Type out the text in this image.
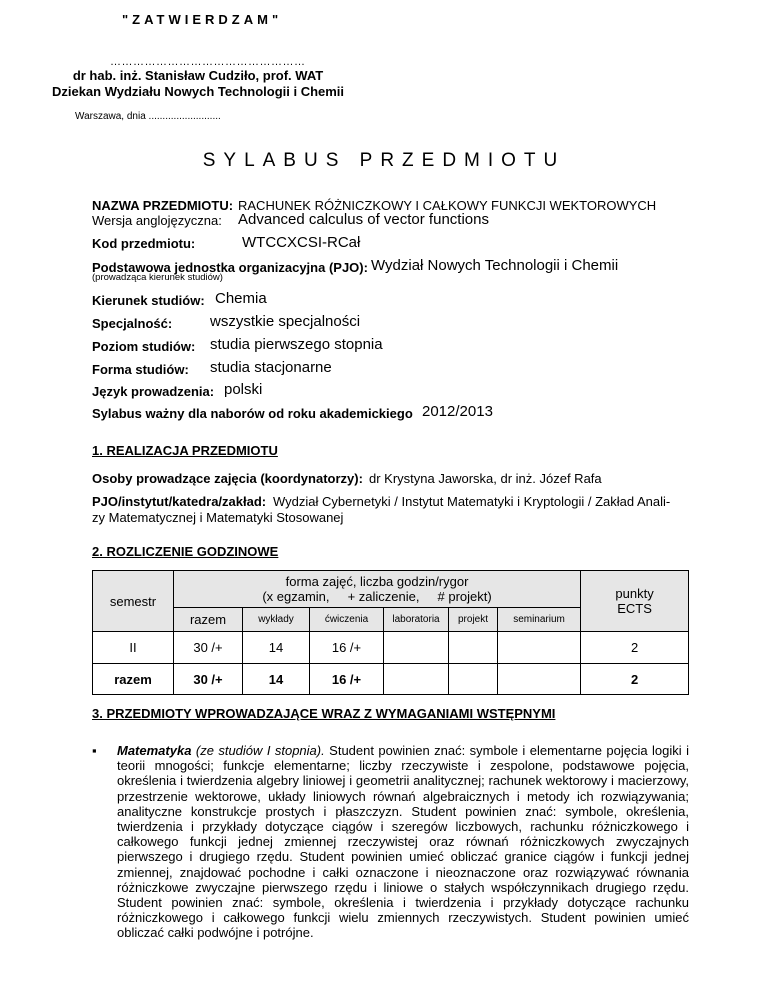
"ZATWIERDZAM"
……………………………………………
dr hab. inż. Stanisław Cudziło, prof. WAT
Dziekan Wydziału Nowych Technologii i Chemii
Warszawa, dnia ..........................
SYLABUS PRZEDMIOTU
NAZWA PRZEDMIOTU: RACHUNEK RÓŻNICZKOWY I CAŁKOWY FUNKCJI WEKTOROWYCH
Wersja anglojęzyczna: Advanced calculus of vector functions
Kod przedmiotu:	WTCCXCSI-RCał
Podstawowa jednostka organizacyjna (PJO): Wydział Nowych Technologii i Chemii
(prowadząca kierunek studiów)
Kierunek studiów: Chemia
Specjalność:	wszystkie specjalności
Poziom studiów: studia pierwszego stopnia
Forma studiów: studia stacjonarne
Język prowadzenia: polski
Sylabus ważny dla naborów od roku akademickiego 2012/2013
1. REALIZACJA PRZEDMIOTU
Osoby prowadzące zajęcia (koordynatorzy): dr Krystyna Jaworska, dr inż. Józef Rafa
PJO/instytut/katedra/zakład: Wydział Cybernetyki / Instytut Matematyki i Kryptologii / Zakład Anali-
zy Matematycznej i Matematyki Stosowanej
2. ROZLICZENIE GODZINOWE
semestr	forma zajęć, liczba godzin/rygor
(x egzamin,     + zaliczenie,     # projekt)						punkty ECTS

	razem	wykłady	ćwiczenia	laboratoria	projekt	seminarium	
II	30 /+	14	16 /+				2
razem	30 /+	14	16 /+				2
3. PRZEDMIOTY WPROWADZAJĄCE WRAZ Z WYMAGANIAMI WSTĘPNYMI
▪ Matematyka (ze studiów I stopnia). Student powinien znać: symbole i elementarne pojęcia logiki i teorii mnogości; funkcje elementarne; liczby rzeczywiste i zespolone, podstawowe pojęcia, określenia i twierdzenia algebry liniowej i geometrii analitycznej; rachunek wektorowy i macierzowy, przestrzenie wektorowe, układy liniowych równań algebraicznych i metody ich rozwiązywania; analityczne konstrukcje prostych i płaszczyzn. Student powinien znać: symbole, określenia, twierdzenia i przykłady dotyczące ciągów i szeregów liczbowych, rachunku różniczkowego i całkowego funkcji jednej zmiennej rzeczywistej oraz równań różniczkowych zwyczajnych pierwszego i drugiego rzędu. Student powinien umieć obliczać granice ciągów i funkcji jednej zmiennej, znajdować pochodne i całki oznaczone i nieoznaczone oraz rozwiązywać równania różniczkowe zwyczajne pierwszego rzędu i liniowe o stałych współczynnikach drugiego rzędu. Student powinien znać: symbole, określenia i twierdzenia i przykłady dotyczące rachunku różniczkowego i całkowego funkcji wielu zmiennych rzeczywistych. Student powinien umieć obliczać całki podwójne i potrójne.
